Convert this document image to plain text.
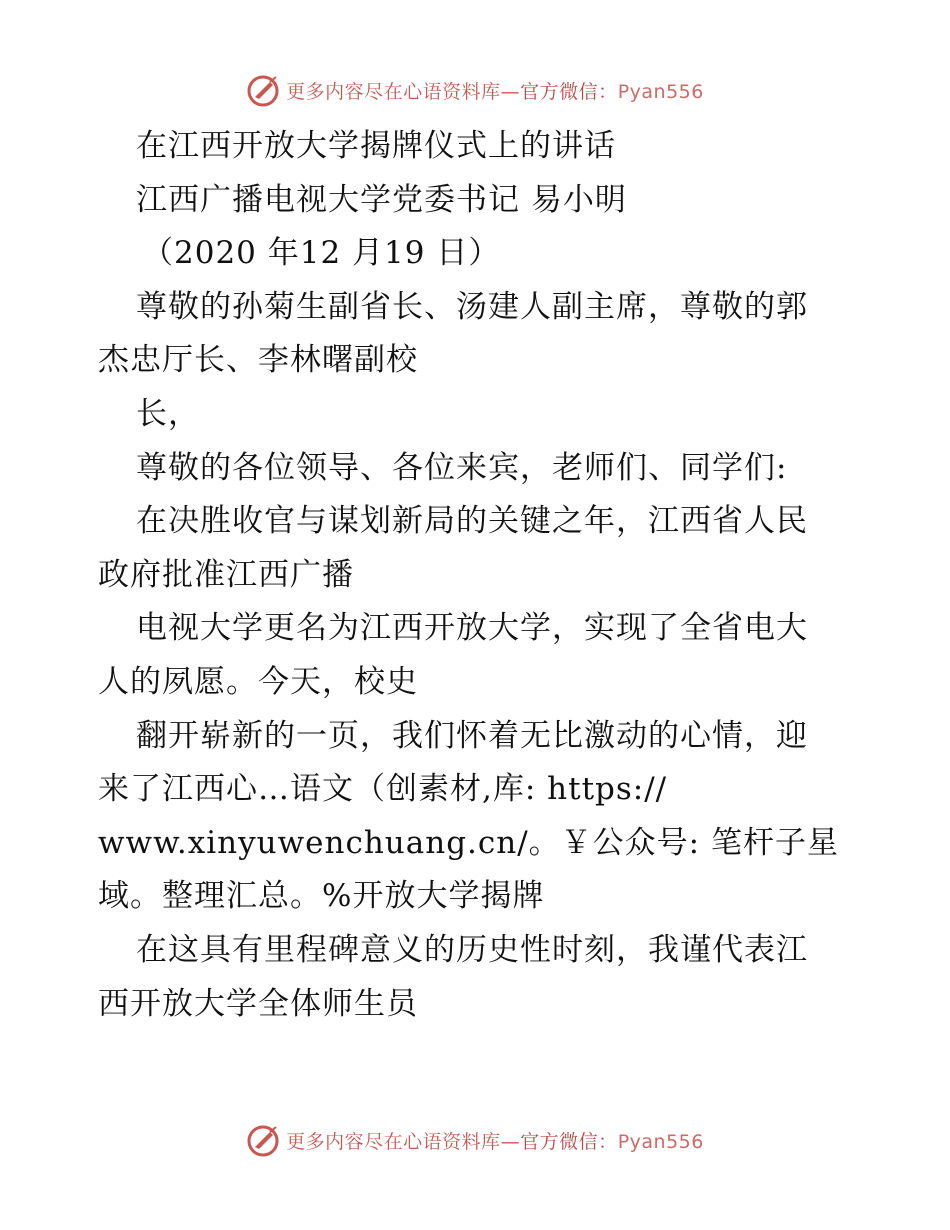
更多内容尽在心语资料库—官方微信：Pyan556
在江西开放大学揭牌仪式上的讲话
江西广播电视大学党委书记 易小明
（2020 年12 月19 日）
尊敬的孙菊生副省长、汤建人副主席，尊敬的郭
杰忠厅长、李林曙副校
长，
尊敬的各位领导、各位来宾，老师们、同学们:
在决胜收官与谋划新局的关键之年，江西省人民
政府批准江西广播
电视大学更名为江西开放大学，实现了全省电大
人的夙愿。今天，校史
翻开崭新的一页，我们怀着无比激动的心情，迎
来了江西心…语文（创素材,库: https://
www.xinyuwenchuang.cn/。￥公众号: 笔杆子星
域。整理汇总。%开放大学揭牌
在这具有里程碑意义的历史性时刻，我谨代表江
西开放大学全体师生员
更多内容尽在心语资料库—官方微信：Pyan556
